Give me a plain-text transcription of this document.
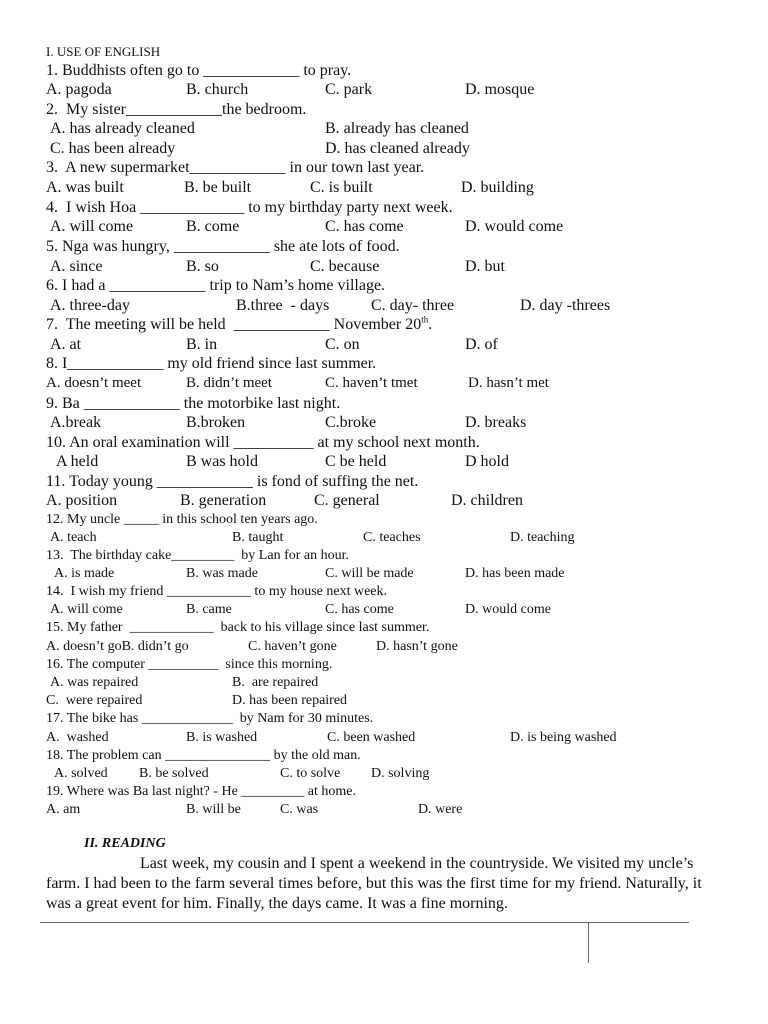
I. USE OF ENGLISH
1. Buddhists often go to ____________ to pray.
A. pagoda	B. church	C. park	D. mosque
2.  My sister____________the bedroom.
A. has already cleaned	B. already has cleaned
C. has been already	D. has cleaned already
3.  A new supermarket____________ in our town last year.
A. was built	B. be built	C. is built	D. building
4.  I wish Hoa _____________ to my birthday party next week.
A. will come	B. come	C. has come	D. would come
5. Nga was hungry, ____________ she ate lots of food.
A. since	B. so	C. because	D. but
6. I had a ____________ trip to Nam’s home village.
A. three-day	B.three  - days	C. day- three	D. day -threes
7.  The meeting will be held  ____________ November 20th.
A. at	B. in	C. on	D. of
8. I____________ my old friend since last summer.
A. doesn’t meet	B. didn’t meet	C. haven’t tmet	D. hasn’t met
9. Ba ____________ the motorbike last night.
A.break	B.broken	C.broke	D. breaks
10. An oral examination will __________ at my school next month.
A held	B was hold	C be held	D hold
11. Today young ____________ is fond of suffing the net.
A. position	B. generation	C. general	D. children
12. My uncle _____ in this school ten years ago.
A. teach	B. taught	C. teaches	D. teaching
13.  The birthday cake_________  by Lan for an hour.
A. is made	B. was made	C. will be made	D. has been made
14.  I wish my friend ____________ to my house next week.
A. will come	B. came	C. has come	D. would come
15. My father  ____________  back to his village since last summer.
A. doesn’t goB. didn’t go	C. haven’t gone	D. hasn’t gone
16. The computer __________  since this morning.
A. was repaired	B.  are repaired
C.  were repaired	D. has been repaired
17. The bike has _____________  by Nam for 30 minutes.
A.  washed	B. is washed	C. been washed	D. is being washed
18. The problem can _______________ by the old man.
A. solved B. be solved	C. to solve D. solving
19. Where was Ba last night? - He _________ at home.
A. am	B. will be	C. was	D. were
II. READING
Last week, my cousin and I spent a weekend in the countryside. We visited my uncle’s farm. I had been to the farm several times before, but this was the first time for my friend. Naturally, it was a great event for him. Finally, the days came. It was a fine morning.
